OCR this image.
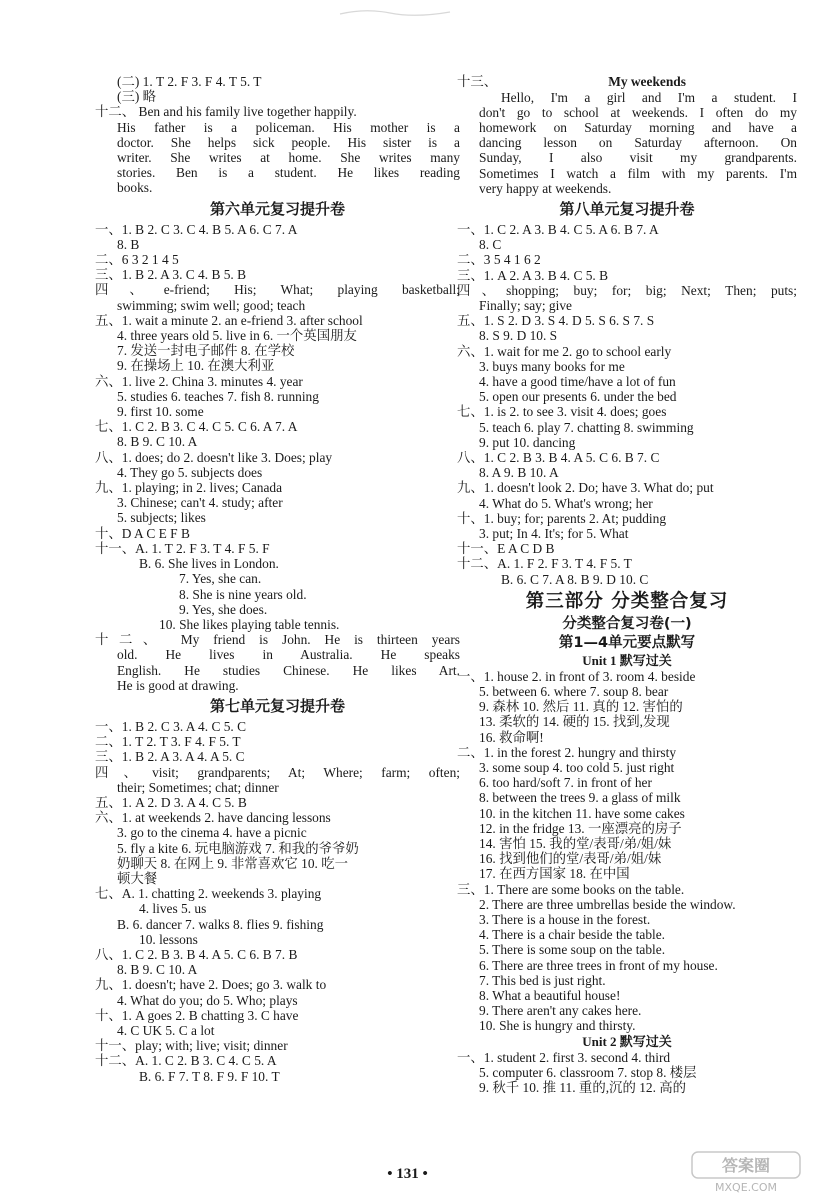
(二) 1. T 2. F 3. F 4. T 5. T
(三) 略
十二、 Ben and his family live together happily.
His father is a policeman. His mother is a
doctor. She helps sick people. His sister is a
writer. She writes at home. She writes many
stories. Ben is a student. He likes reading
books.
第六单元复习提升卷
一、1. B 2. C 3. C 4. B 5. A 6. C 7. A
8. B
二、6 3 2 1 4 5
三、1. B 2. A 3. C 4. B 5. B
四、e-friend; His; What; playing basketball;
swimming; swim well; good; teach
五、1. wait a minute 2. an e-friend 3. after school
4. three years old 5. live in 6. 一个英国朋友
7. 发送一封电子邮件 8. 在学校
9. 在操场上 10. 在澳大利亚
六、1. live 2. China 3. minutes 4. year
5. studies 6. teaches 7. fish 8. running
9. first 10. some
七、1. C 2. B 3. C 4. C 5. C 6. A 7. A
8. B 9. C 10. A
八、1. does; do 2. doesn't like 3. Does; play
4. They go 5. subjects does
九、1. playing; in 2. lives; Canada
3. Chinese; can't 4. study; after
5. subjects; likes
十、D A C E F B
十一、A. 1. T 2. F 3. T 4. F 5. F
B. 6. She lives in London.
7. Yes, she can.
8. She is nine years old.
9. Yes, she does.
10. She likes playing table tennis.
十二、 My friend is John. He is thirteen years
old. He lives in Australia. He speaks
English. He studies Chinese. He likes Art.
He is good at drawing.
第七单元复习提升卷
一、1. B 2. C 3. A 4. C 5. C
二、1. T 2. T 3. F 4. F 5. T
三、1. B 2. A 3. A 4. A 5. C
四、visit; grandparents; At; Where; farm; often;
their; Sometimes; chat; dinner
五、1. A 2. D 3. A 4. C 5. B
六、1. at weekends 2. have dancing lessons
3. go to the cinema 4. have a picnic
5. fly a kite 6. 玩电脑游戏 7. 和我的爷爷奶
奶聊天 8. 在网上 9. 非常喜欢它 10. 吃一
顿大餐
七、A. 1. chatting 2. weekends 3. playing
4. lives 5. us
B. 6. dancer 7. walks 8. flies 9. fishing
10. lessons
八、1. C 2. B 3. B 4. A 5. C 6. B 7. B
8. B 9. C 10. A
九、1. doesn't; have 2. Does; go 3. walk to
4. What do you; do 5. Who; plays
十、1. A goes 2. B chatting 3. C have
4. C UK 5. C a lot
十一、play; with; live; visit; dinner
十二、A. 1. C 2. B 3. C 4. C 5. A
B. 6. F 7. T 8. F 9. F 10. T
十三、	My weekends
Hello, I'm a girl and I'm a student. I
don't go to school at weekends. I often do my
homework on Saturday morning and have a
dancing lesson on Saturday afternoon. On
Sunday, I also visit my grandparents.
Sometimes I watch a film with my parents. I'm
very happy at weekends.
第八单元复习提升卷
一、1. C 2. A 3. B 4. C 5. A 6. B 7. A
8. C
二、3 5 4 1 6 2
三、1. A 2. A 3. B 4. C 5. B
四、shopping; buy; for; big; Next; Then; puts;
Finally; say; give
五、1. S 2. D 3. S 4. D 5. S 6. S 7. S
8. S 9. D 10. S
六、1. wait for me 2. go to school early
3. buys many books for me
4. have a good time/have a lot of fun
5. open our presents 6. under the bed
七、1. is 2. to see 3. visit 4. does; goes
5. teach 6. play 7. chatting 8. swimming
9. put 10. dancing
八、1. C 2. B 3. B 4. A 5. C 6. B 7. C
8. A 9. B 10. A
九、1. doesn't look 2. Do; have 3. What do; put
4. What do 5. What's wrong; her
十、1. buy; for; parents 2. At; pudding
3. put; In 4. It's; for 5. What
十一、E A C D B
十二、A. 1. F 2. F 3. T 4. F 5. T
B. 6. C 7. A 8. B 9. D 10. C
第三部分 分类整合复习
分类整合复习卷(一)
第1—4单元要点默写
Unit 1 默写过关
一、1. house 2. in front of 3. room 4. beside
5. between 6. where 7. soup 8. bear
9. 森林 10. 然后 11. 真的 12. 害怕的
13. 柔软的 14. 硬的 15. 找到,发现
16. 救命啊!
二、1. in the forest 2. hungry and thirsty
3. some soup 4. too cold 5. just right
6. too hard/soft 7. in front of her
8. between the trees 9. a glass of milk
10. in the kitchen 11. have some cakes
12. in the fridge 13. 一座漂亮的房子
14. 害怕 15. 我的堂/表哥/弟/姐/妹
16. 找到他们的堂/表哥/弟/姐/妹
17. 在西方国家 18. 在中国
三、1. There are some books on the table.
2. There are three umbrellas beside the window.
3. There is a house in the forest.
4. There is a chair beside the table.
5. There is some soup on the table.
6. There are three trees in front of my house.
7. This bed is just right.
8. What a beautiful house!
9. There aren't any cakes here.
10. She is hungry and thirsty.
Unit 2 默写过关
一、1. student 2. first 3. second 4. third
5. computer 6. classroom 7. stop 8. 楼层
9. 秋千 10. 推 11. 重的,沉的 12. 高的
• 131 •	答案圈
MXQE.COM
